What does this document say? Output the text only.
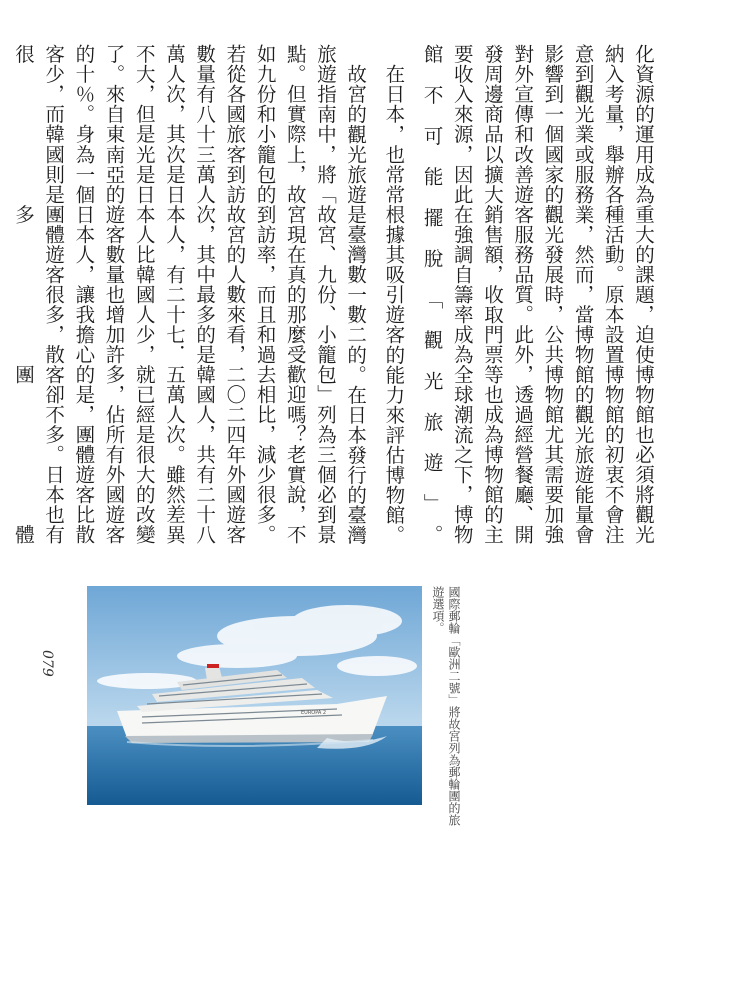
化資源的運用成為重大的課題，迫使博物館也必須將觀光納入考量，舉辦各種活動。原本設置博物館的初衷不會注意到觀光業或服務業，然而，當博物館的觀光旅遊能量會影響到一個國家的觀光發展時，公共博物館尤其需要加強對外宣傳和改善遊客服務品質。此外，透過經營餐廳、開發周邊商品以擴大銷售額，收取門票等也成為博物館的主要收入來源，因此在強調自籌率成為全球潮流之下，博物館不可能擺脫「觀光旅遊」。
在日本，也常常根據其吸引遊客的能力來評估博物館。
故宮的觀光旅遊是臺灣數一數二的。在日本發行的臺灣旅遊指南中，將「故宮、九份、小籠包」列為三個必到景點。但實際上，故宮現在真的那麼受歡迎嗎？老實說，不如九份和小籠包的到訪率，而且和過去相比，減少很多。若從各國旅客到訪故宮的人數來看，二〇二四年外國遊客數量有八十三萬人次，其中最多的是韓國人，共有二十八萬人次，其次是日本人，有二十七．五萬人次。雖然差異不大，但是光是日本人比韓國人少，就已經是很大的改變了。來自東南亞的遊客數量也增加許多，佔所有外國遊客的十％。身為一個日本人，讓我擔心的是，團體遊客比散客少，而韓國則是團體遊客很多，散客卻不多。日本也有很多團體
EUROPA 2	國際郵輪「歐洲二號」將故宮列為郵輪團的旅遊選項。
079
